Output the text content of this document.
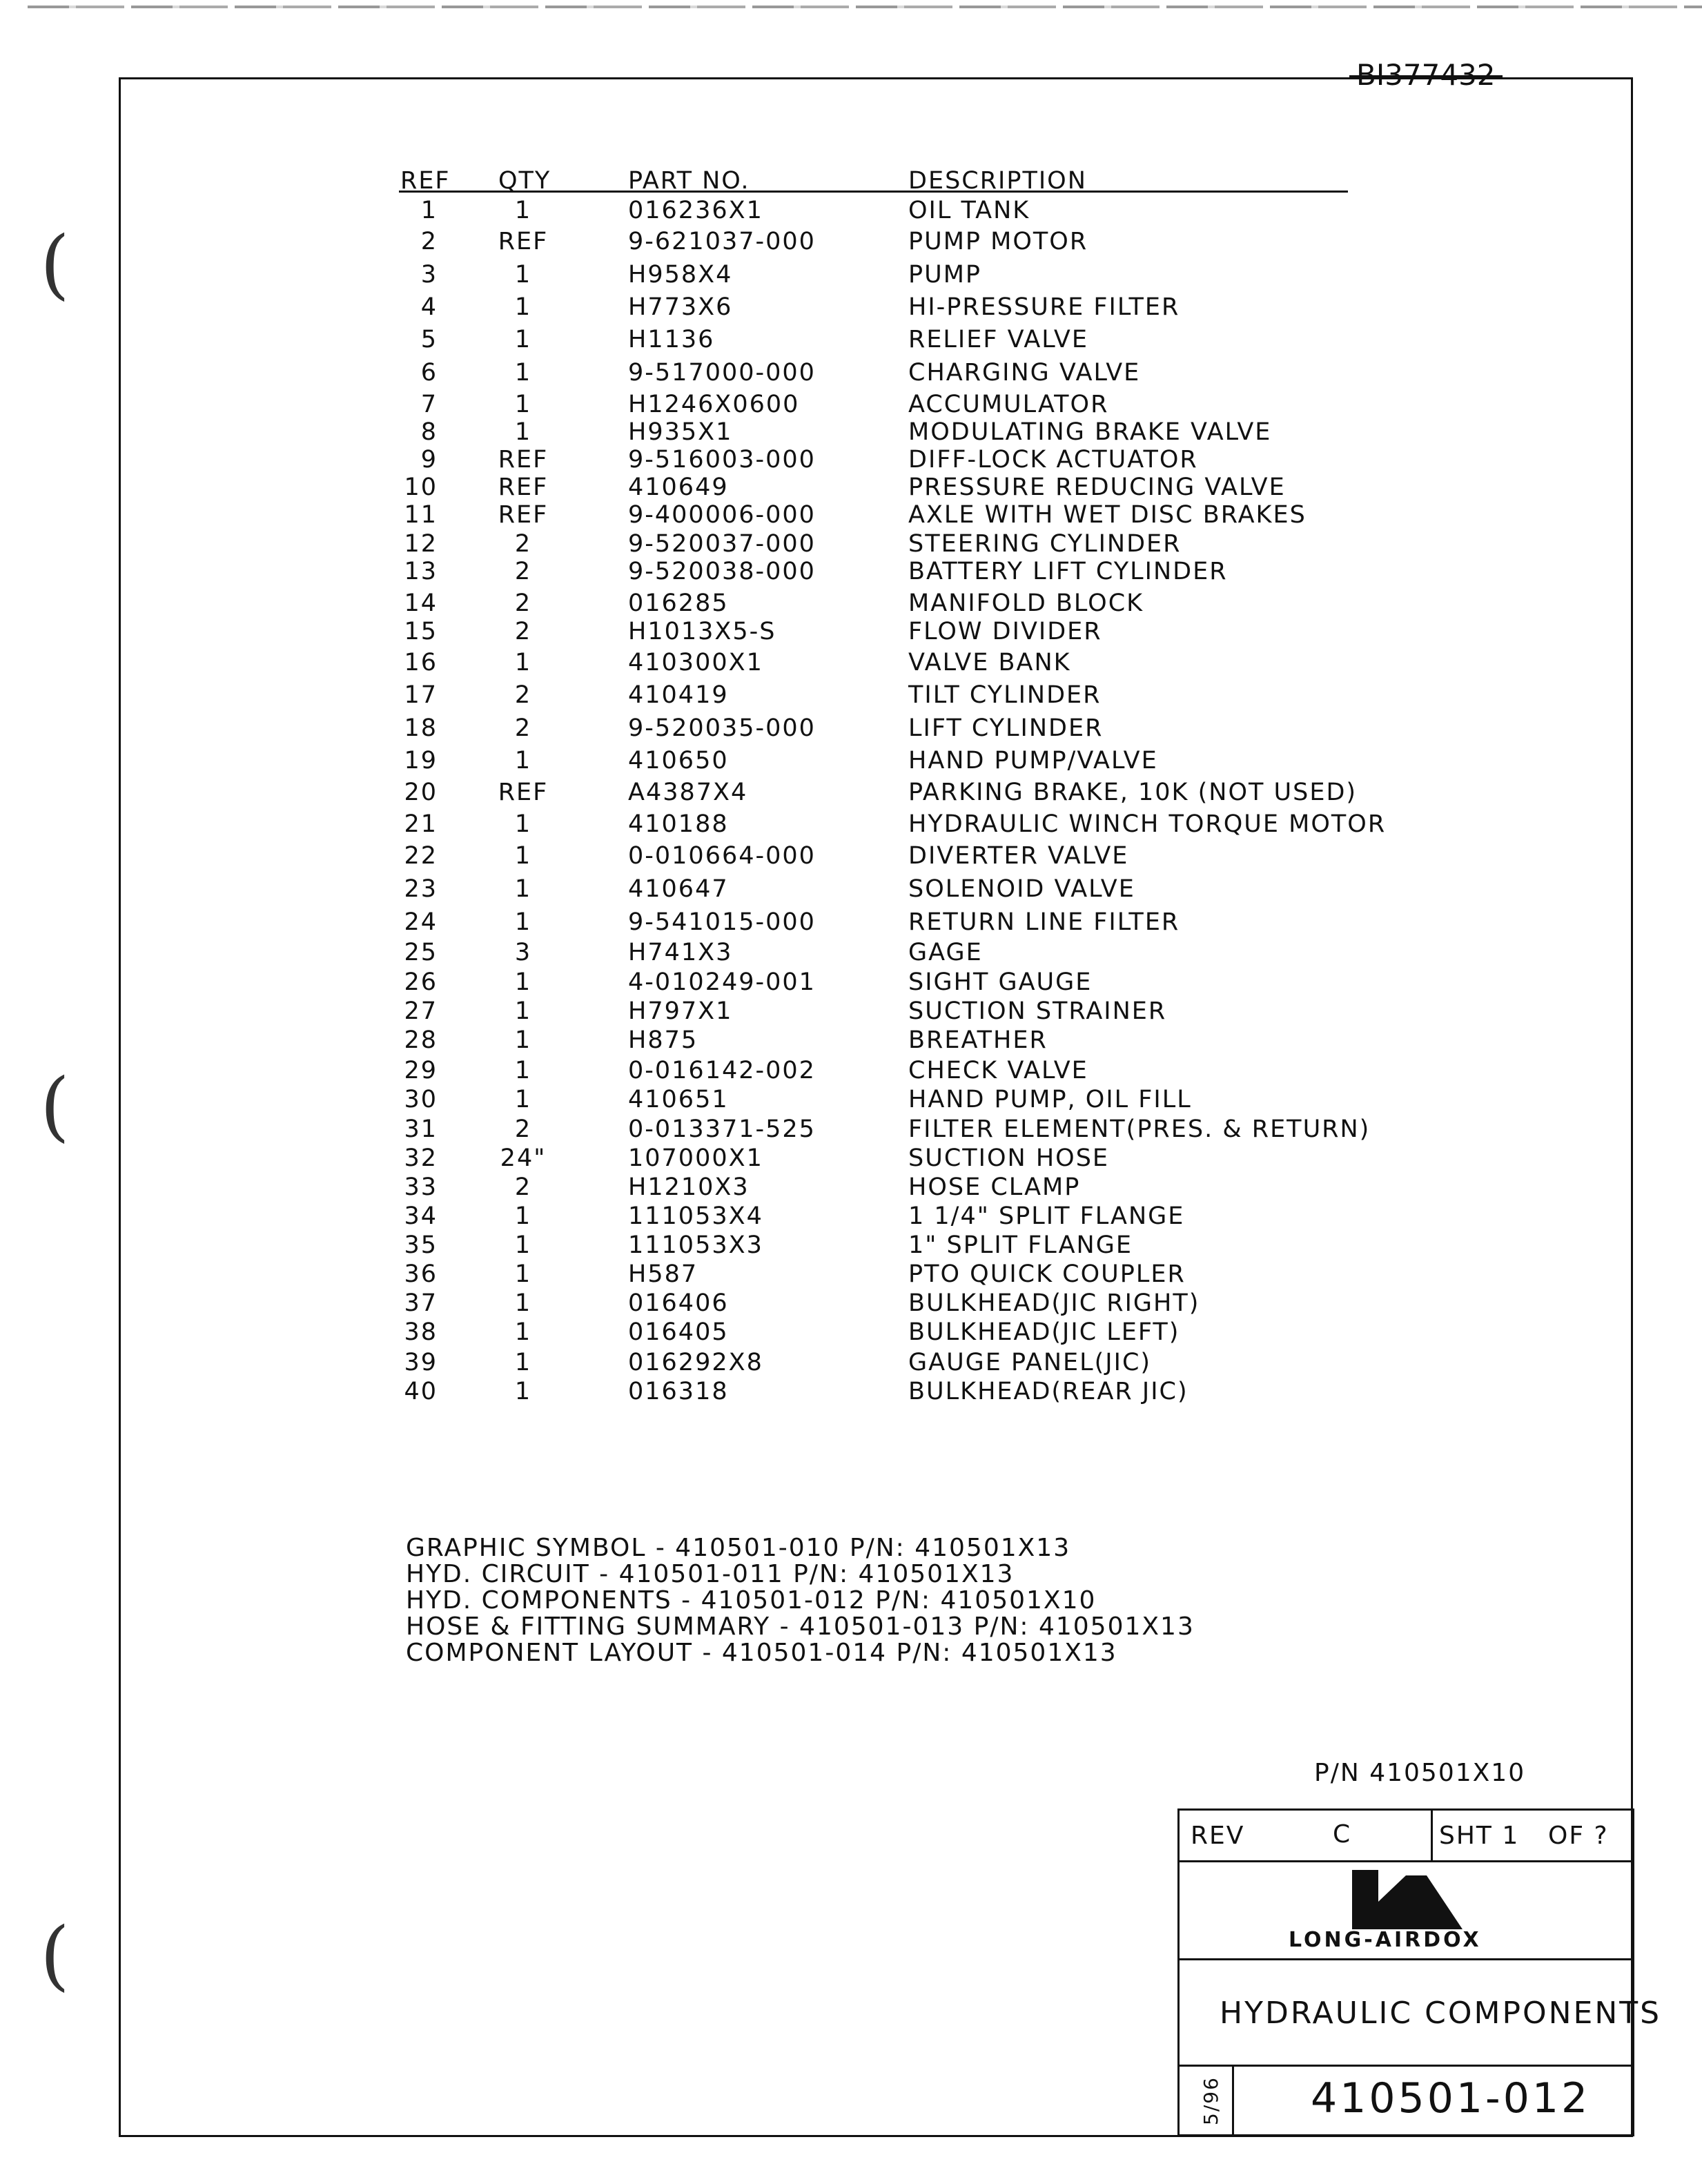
(
(
(
BI377432
REF QTY	PART NO.	DESCRIPTION
1	1	016236X1	OIL TANK
2	REF	9-621037-000	PUMP MOTOR
3	1	H958X4	PUMP
4	1	H773X6	HI-PRESSURE FILTER
5	1	H1136	RELIEF VALVE
6	1	9-517000-000	CHARGING VALVE
7	1	H1246X0600	ACCUMULATOR
8	1	H935X1	MODULATING BRAKE VALVE
9	REF	9-516003-000	DIFF-LOCK ACTUATOR
10	REF	410649	PRESSURE REDUCING VALVE
11	REF	9-400006-000	AXLE WITH WET DISC BRAKES
12	2	9-520037-000	STEERING CYLINDER
13	2	9-520038-000	BATTERY LIFT CYLINDER
14	2	016285	MANIFOLD BLOCK
15	2	H1013X5-S	FLOW DIVIDER
16	1	410300X1	VALVE BANK
17	2	410419	TILT CYLINDER
18	2	9-520035-000	LIFT CYLINDER
19	1	410650	HAND PUMP/VALVE
20	REF	A4387X4	PARKING BRAKE, 10K (NOT USED)
21	1	410188	HYDRAULIC WINCH TORQUE MOTOR
22	1	0-010664-000	DIVERTER VALVE
23	1	410647	SOLENOID VALVE
24	1	9-541015-000	RETURN LINE FILTER
25	3	H741X3	GAGE
26	1	4-010249-001	SIGHT GAUGE
27	1	H797X1	SUCTION STRAINER
28	1	H875	BREATHER
29	1	0-016142-002	CHECK VALVE
30	1	410651	HAND PUMP, OIL FILL
31	2	0-013371-525	FILTER ELEMENT(PRES. & RETURN)
32	24"	107000X1	SUCTION HOSE
33	2	H1210X3	HOSE CLAMP
34	1	111053X4	1 1/4" SPLIT FLANGE
35	1	111053X3	1" SPLIT FLANGE
36	1	H587	PTO QUICK COUPLER
37	1	016406	BULKHEAD(JIC RIGHT)
38	1	016405	BULKHEAD(JIC LEFT)
39	1	016292X8	GAUGE PANEL(JIC)
40	1	016318	BULKHEAD(REAR JIC)
GRAPHIC SYMBOL - 410501-010 P/N: 410501X13
HYD. CIRCUIT - 410501-011 P/N: 410501X13
HYD. COMPONENTS - 410501-012 P/N: 410501X10
HOSE & FITTING SUMMARY - 410501-013 P/N: 410501X13
COMPONENT LAYOUT - 410501-014 P/N: 410501X13
P/N 410501X10
REV	C	SHT 1 OF ?
LONG-AIRDOX
HYDRAULIC COMPONENTS
5/96 410501-012
